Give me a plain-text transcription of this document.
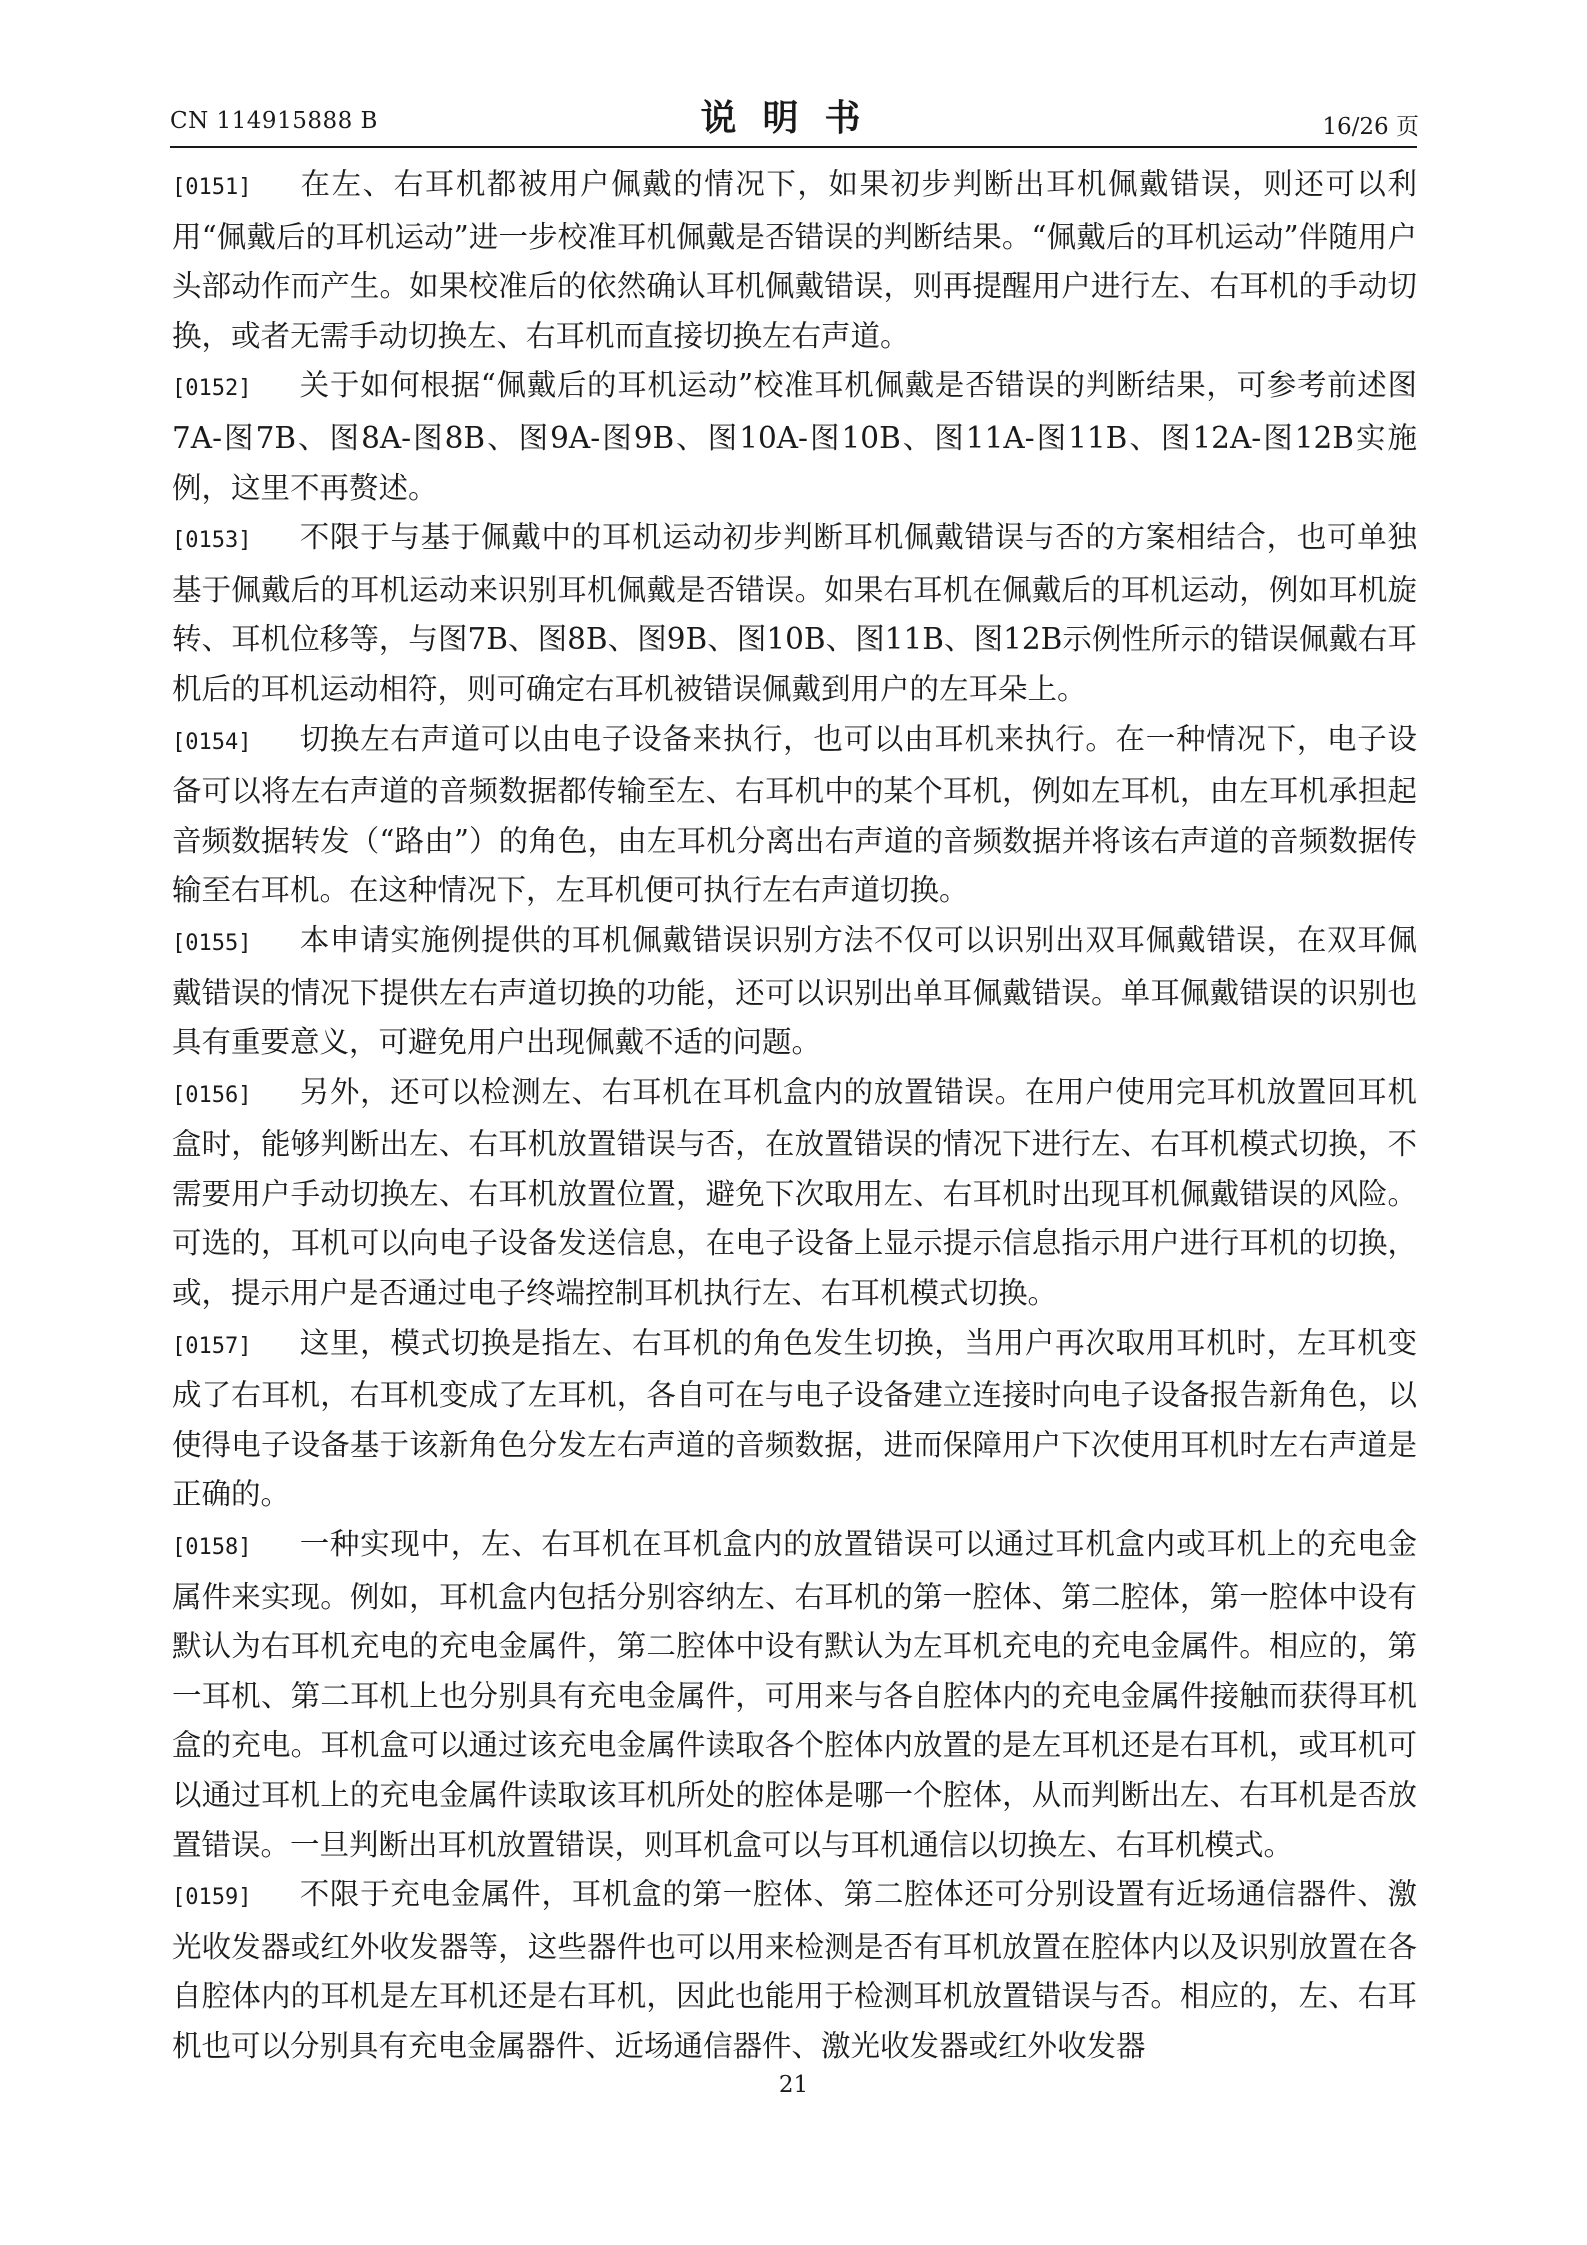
CN 114915888 B	说明书	16/26 页

[0151] 在左、右耳机都被用户佩戴的情况下，如果初步判断出耳机佩戴错误，则还可以利用“佩戴后的耳机运动”进一步校准耳机佩戴是否错误的判断结果。“佩戴后的耳机运动”伴随用户头部动作而产生。如果校准后的依然确认耳机佩戴错误，则再提醒用户进行左、右耳机的手动切换，或者无需手动切换左、右耳机而直接切换左右声道。

[0152] 关于如何根据“佩戴后的耳机运动”校准耳机佩戴是否错误的判断结果，可参考前述图7A-图7B、图8A-图8B、图9A-图9B、图10A-图10B、图11A-图11B、图12A-图12B实施例，这里不再赘述。

[0153] 不限于与基于佩戴中的耳机运动初步判断耳机佩戴错误与否的方案相结合，也可单独基于佩戴后的耳机运动来识别耳机佩戴是否错误。如果右耳机在佩戴后的耳机运动，例如耳机旋转、耳机位移等，与图7B、图8B、图9B、图10B、图11B、图12B示例性所示的错误佩戴右耳机后的耳机运动相符，则可确定右耳机被错误佩戴到用户的左耳朵上。

[0154] 切换左右声道可以由电子设备来执行，也可以由耳机来执行。在一种情况下，电子设备可以将左右声道的音频数据都传输至左、右耳机中的某个耳机，例如左耳机，由左耳机承担起音频数据转发（“路由”）的角色，由左耳机分离出右声道的音频数据并将该右声道的音频数据传输至右耳机。在这种情况下，左耳机便可执行左右声道切换。

[0155] 本申请实施例提供的耳机佩戴错误识别方法不仅可以识别出双耳佩戴错误，在双耳佩戴错误的情况下提供左右声道切换的功能，还可以识别出单耳佩戴错误。单耳佩戴错误的识别也具有重要意义，可避免用户出现佩戴不适的问题。

[0156] 另外，还可以检测左、右耳机在耳机盒内的放置错误。在用户使用完耳机放置回耳机盒时，能够判断出左、右耳机放置错误与否，在放置错误的情况下进行左、右耳机模式切换，不需要用户手动切换左、右耳机放置位置，避免下次取用左、右耳机时出现耳机佩戴错误的风险。可选的，耳机可以向电子设备发送信息，在电子设备上显示提示信息指示用户进行耳机的切换，或，提示用户是否通过电子终端控制耳机执行左、右耳机模式切换。

[0157] 这里，模式切换是指左、右耳机的角色发生切换，当用户再次取用耳机时，左耳机变成了右耳机，右耳机变成了左耳机，各自可在与电子设备建立连接时向电子设备报告新角色，以使得电子设备基于该新角色分发左右声道的音频数据，进而保障用户下次使用耳机时左右声道是正确的。

[0158] 一种实现中，左、右耳机在耳机盒内的放置错误可以通过耳机盒内或耳机上的充电金属件来实现。例如，耳机盒内包括分别容纳左、右耳机的第一腔体、第二腔体，第一腔体中设有默认为右耳机充电的充电金属件，第二腔体中设有默认为左耳机充电的充电金属件。相应的，第一耳机、第二耳机上也分别具有充电金属件，可用来与各自腔体内的充电金属件接触而获得耳机盒的充电。耳机盒可以通过该充电金属件读取各个腔体内放置的是左耳机还是右耳机，或耳机可以通过耳机上的充电金属件读取该耳机所处的腔体是哪一个腔体，从而判断出左、右耳机是否放置错误。一旦判断出耳机放置错误，则耳机盒可以与耳机通信以切换左、右耳机模式。

[0159] 不限于充电金属件，耳机盒的第一腔体、第二腔体还可分别设置有近场通信器件、激光收发器或红外收发器等，这些器件也可以用来检测是否有耳机放置在腔体内以及识别放置在各自腔体内的耳机是左耳机还是右耳机，因此也能用于检测耳机放置错误与否。相应的，左、右耳机也可以分别具有充电金属器件、近场通信器件、激光收发器或红外收发器

21
